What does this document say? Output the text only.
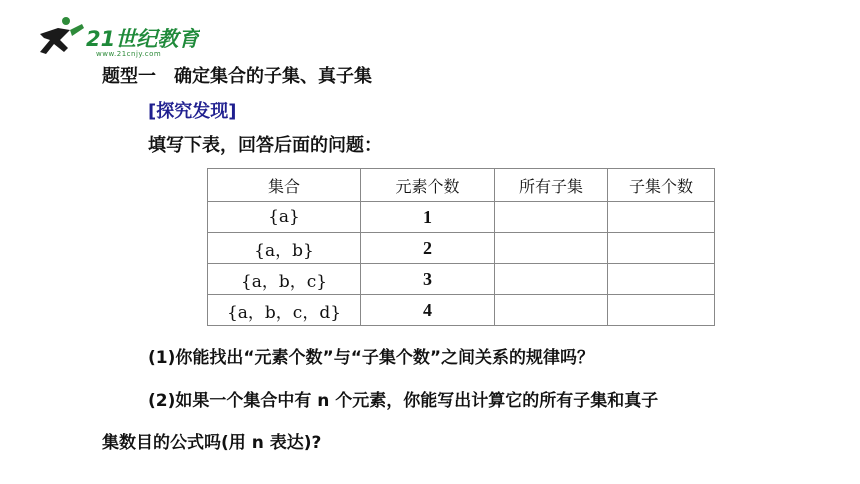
21世纪教育
www.21cnjy.com
题型一　确定集合的子集、真子集
[探究发现]
填写下表，回答后面的问题：
集合	元素个数	所有子集	子集个数
{a}	1		
{a，b}	2		
{a，b，c}	3		
{a，b，c，d}	4		
(1)你能找出“元素个数”与“子集个数”之间关系的规律吗？
(2)如果一个集合中有 n 个元素，你能写出计算它的所有子集和真子
集数目的公式吗(用 n 表达)?
